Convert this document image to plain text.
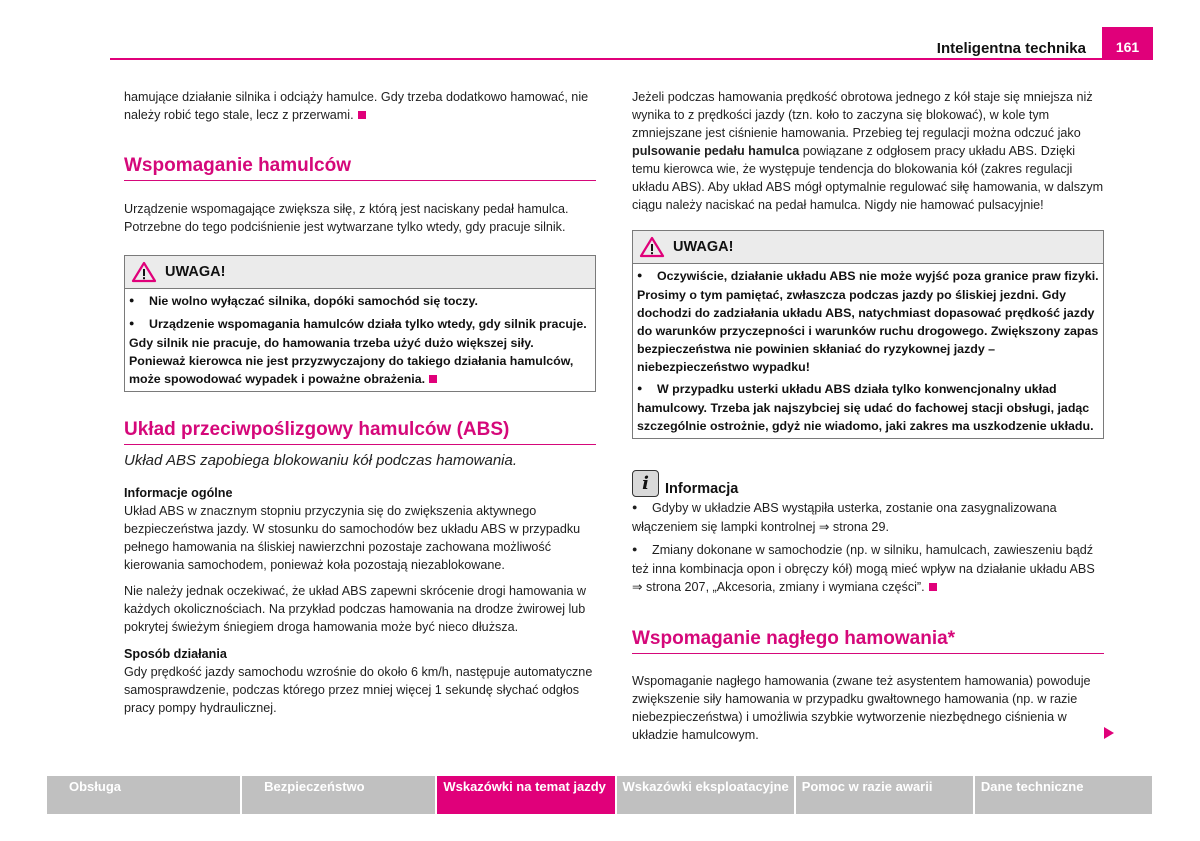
Inteligentna technika	161

hamujące działanie silnika i odciąży hamulce. Gdy trzeba dodatkowo hamować, nie należy robić tego stale, lecz z przerwami.

Wspomaganie hamulców

Urządzenie wspomagające zwiększa siłę, z którą jest naciskany pedał hamulca. Potrzebne do tego podciśnienie jest wytwarzane tylko wtedy, gdy pracuje silnik.

UWAGA!
●Nie wolno wyłączać silnika, dopóki samochód się toczy.
●Urządzenie wspomagania hamulców działa tylko wtedy, gdy silnik pracuje. Gdy silnik nie pracuje, do hamowania trzeba użyć dużo większej siły. Ponieważ kierowca nie jest przyzwyczajony do takiego działania hamulców, może spowodować wypadek i poważne obrażenia.
Układ przeciwpoślizgowy hamulców (ABS)
Układ ABS zapobiega blokowaniu kół podczas hamowania.
Informacje ogólne

Układ ABS w znacznym stopniu przyczynia się do zwiększenia aktywnego bezpieczeństwa jazdy. W stosunku do samochodów bez układu ABS w przypadku pełnego hamowania na śliskiej nawierzchni pozostaje zachowana możliwość kierowania samochodem, ponieważ koła pozostają niezablokowane.

Nie należy jednak oczekiwać, że układ ABS zapewni skrócenie drogi hamowania w każdych okolicznościach. Na przykład podczas hamowania na drodze żwirowej lub pokrytej świeżym śniegiem droga hamowania może być nieco dłuższa.

Sposób działania

Gdy prędkość jazdy samochodu wzrośnie do około 6 km/h, następuje automatyczne samosprawdzenie, podczas którego przez mniej więcej 1 sekundę słychać odgłos pracy pompy hydraulicznej.

Jeżeli podczas hamowania prędkość obrotowa jednego z kół staje się mniejsza niż wynika to z prędkości jazdy (tzn. koło to zaczyna się blokować), w kole tym zmniejszane jest ciśnienie hamowania. Przebieg tej regulacji można odczuć jako pulsowanie pedału hamulca powiązane z odgłosem pracy układu ABS. Dzięki temu kierowca wie, że występuje tendencja do blokowania kół (zakres regulacji układu ABS). Aby układ ABS mógł optymalnie regulować siłę hamowania, w dalszym ciągu należy naciskać na pedał hamulca. Nigdy nie hamować pulsacyjnie!

UWAGA!
●Oczywiście, działanie układu ABS nie może wyjść poza granice praw fizyki. Prosimy o tym pamiętać, zwłaszcza podczas jazdy po śliskiej jezdni. Gdy dochodzi do zadziałania układu ABS, natychmiast dopasować prędkość jazdy do warunków przyczepności i warunków ruchu drogowego. Zwiększony zapas bezpieczeństwa nie powinien skłaniać do ryzykownej jazdy – niebezpieczeństwo wypadku!
●W przypadku usterki układu ABS działa tylko konwencjonalny układ hamulcowy. Trzeba jak najszybciej się udać do fachowej stacji obsługi, jadąc szczególnie ostrożnie, gdyż nie wiadomo, jaki zakres ma uszkodzenie układu.
i	Informacja
●Gdyby w układzie ABS wystąpiła usterka, zostanie ona zasygnalizowana włączeniem się lampki kontrolnej ⇒ strona 29.
●Zmiany dokonane w samochodzie (np. w silniku, hamulcach, zawieszeniu bądź też inna kombinacja opon i obręczy kół) mogą mieć wpływ na działanie układu ABS ⇒ strona 207, „Akcesoria, zmiany i wymiana części”.
Wspomaganie nagłego hamowania*

Wspomaganie nagłego hamowania (zwane też asystentem hamowania) powoduje zwiększenie siły hamowania w przypadku gwałtownego hamowania (np. w razie niebezpieczeństwa) i umożliwia szybkie wytworzenie niezbędnego ciśnienia w układzie hamulcowym.

Obsługa	Bezpieczeństwo	Wskazówki na temat jazdy	Wskazówki eksploatacyjne Pomoc w razie awarii	Dane techniczne
